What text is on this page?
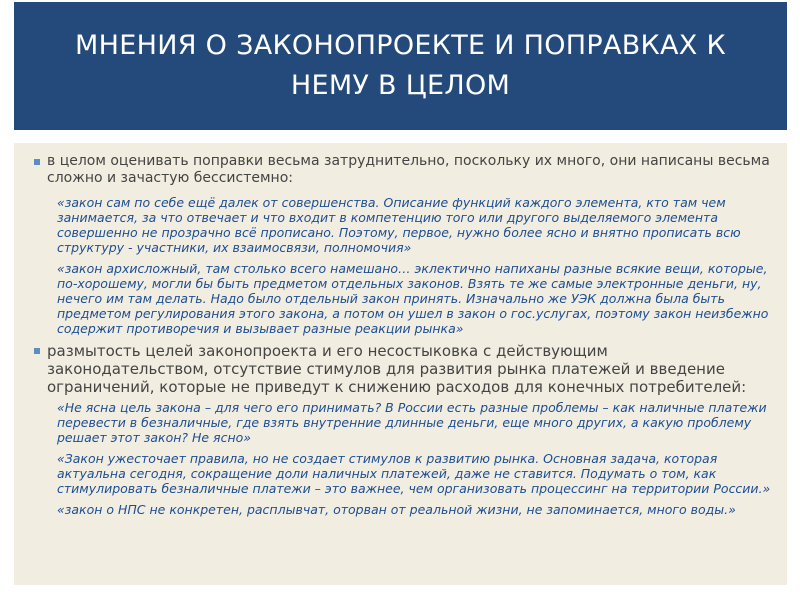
МНЕНИЯ О ЗАКОНОПРОЕКТЕ И ПОПРАВКАХ К НЕМУ В ЦЕЛОМ
в целом оценивать поправки весьма затруднительно, поскольку их много, они написаны весьма сложно и зачастую бессистемно:
«закон сам по себе ещё далек от совершенства. Описание функций каждого элемента, кто там чем занимается, за что отвечает и что входит в компетенцию того или другого выделяемого элемента совершенно не прозрачно всё прописано. Поэтому, первое, нужно более ясно и внятно прописать всю структуру - участники, их взаимосвязи, полномочия»
«закон архисложный, там столько всего намешано… эклектично напиханы разные всякие вещи, которые, по-хорошему, могли бы быть предметом отдельных законов. Взять те же самые электронные деньги, ну, нечего им там делать. Надо было отдельный закон принять. Изначально же УЭК должна была быть предметом регулирования этого закона, а потом он ушел в закон о гос.услугах, поэтому закон неизбежно содержит противоречия и вызывает разные реакции рынка»
размытость целей законопроекта и его несостыковка с действующим законодательством, отсутствие стимулов для развития рынка платежей и введение ограничений, которые не приведут к снижению расходов для конечных потребителей:
«Не ясна цель закона – для чего его принимать? В России есть разные проблемы – как наличные платежи перевести в безналичные, где взять внутренние длинные деньги, еще много других, а какую проблему решает этот закон? Не ясно»
«Закон ужесточает правила, но не создает стимулов к развитию рынка. Основная задача, которая актуальна сегодня, сокращение доли наличных платежей, даже не ставится. Подумать о том, как стимулировать безналичные платежи – это важнее, чем организовать процессинг на территории России.»
«закон о НПС не конкретен, расплывчат, оторван от реальной жизни, не запоминается, много воды.»
